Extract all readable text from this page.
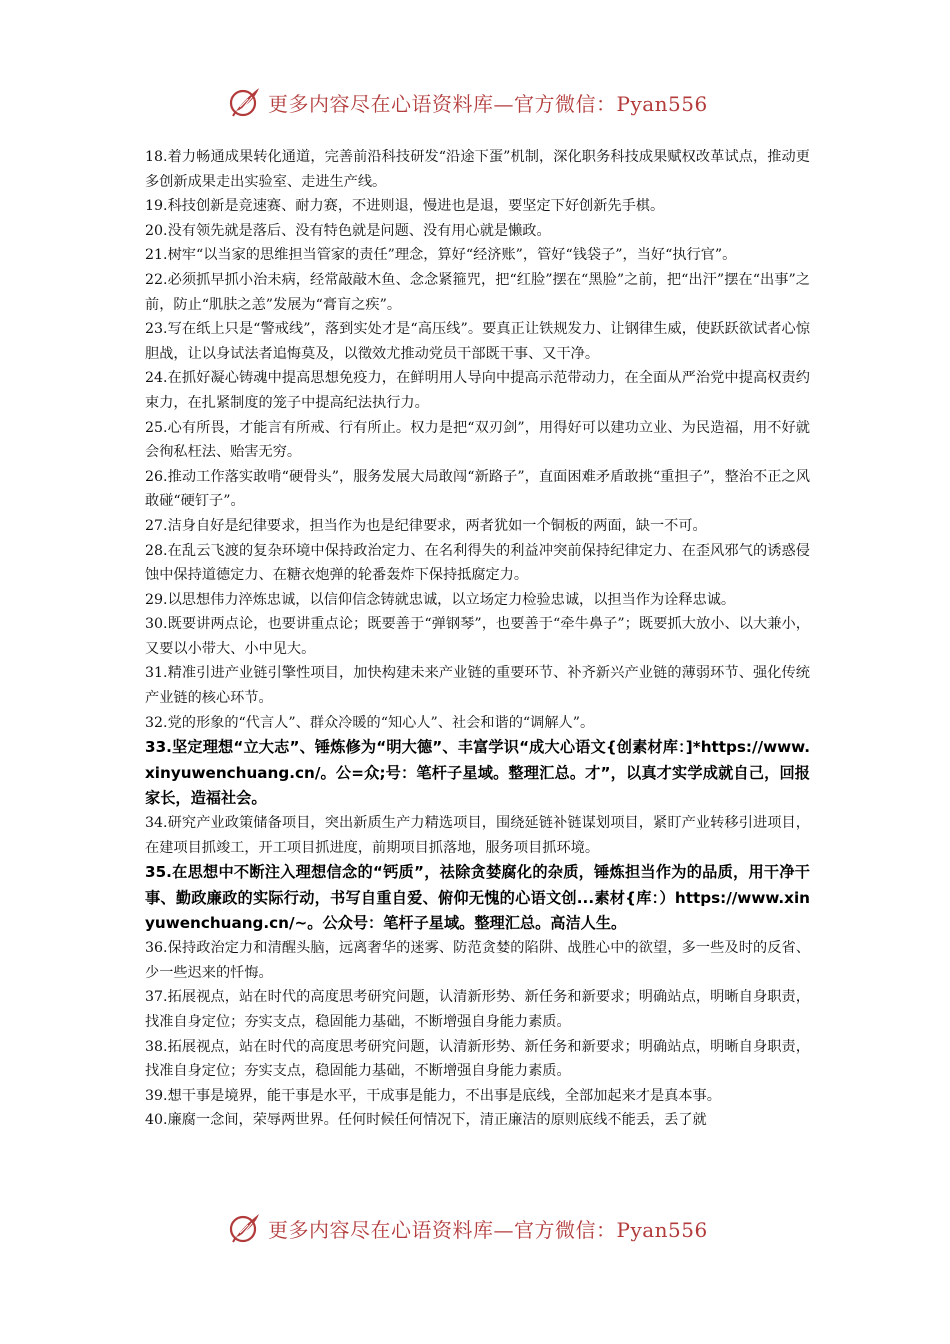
更多内容尽在心语资料库—官方微信：Pyan556

18.着力畅通成果转化通道，完善前沿科技研发“沿途下蛋”机制，深化职务科技成果赋权改革试点，推动更多创新成果走出实验室、走进生产线。

19.科技创新是竞速赛、耐力赛，不进则退，慢进也是退，要坚定下好创新先手棋。

20.没有领先就是落后、没有特色就是问题、没有用心就是懒政。

21.树牢“以当家的思维担当管家的责任”理念，算好“经济账”，管好“钱袋子”，当好“执行官”。

22.必须抓早抓小治未病，经常敲敲木鱼、念念紧箍咒，把“红脸”摆在“黑脸”之前，把“出汗”摆在“出事”之前，防止“肌肤之恙”发展为“膏肓之疾”。

23.写在纸上只是“警戒线”，落到实处才是“高压线”。要真正让铁规发力、让钢律生威，使跃跃欲试者心惊胆战，让以身试法者追悔莫及，以徵效尤推动党员干部既干事、又干净。

24.在抓好凝心铸魂中提高思想免疫力，在鲜明用人导向中提高示范带动力，在全面从严治党中提高权责约束力，在扎紧制度的笼子中提高纪法执行力。

25.心有所畏，才能言有所戒、行有所止。权力是把“双刃剑”，用得好可以建功立业、为民造福，用不好就会徇私枉法、贻害无穷。

26.推动工作落实敢啃“硬骨头”，服务发展大局敢闯“新路子”，直面困难矛盾敢挑“重担子”，整治不正之风敢碰“硬钉子”。

27.洁身自好是纪律要求，担当作为也是纪律要求，两者犹如一个铜板的两面，缺一不可。

28.在乱云飞渡的复杂环境中保持政治定力、在名利得失的利益冲突前保持纪律定力、在歪风邪气的诱惑侵蚀中保持道德定力、在糖衣炮弹的轮番轰炸下保持抵腐定力。

29.以思想伟力淬炼忠诚，以信仰信念铸就忠诚，以立场定力检验忠诚，以担当作为诠释忠诚。

30.既要讲两点论，也要讲重点论；既要善于“弹钢琴”，也要善于“牵牛鼻子”；既要抓大放小、以大兼小，又要以小带大、小中见大。

31.精准引进产业链引擎性项目，加快构建未来产业链的重要环节、补齐新兴产业链的薄弱环节、强化传统产业链的核心环节。

32.党的形象的“代言人”、群众冷暖的“知心人”、社会和谐的“调解人”。

33.坚定理想“立大志”、锤炼修为“明大德”、丰富学识“成大心语文{创素材库：]*https://www.xinyuwenchuang.cn/。公=众;号：笔杆子星域。整理汇总。才”，以真才实学成就自己，回报家长，造福社会。

34.研究产业政策储备项目，突出新质生产力精选项目，围绕延链补链谋划项目，紧盯产业转移引进项目，在建项目抓竣工，开工项目抓进度，前期项目抓落地，服务项目抓环境。

35.在思想中不断注入理想信念的“钙质”，祛除贪婪腐化的杂质，锤炼担当作为的品质，用干净干事、勤政廉政的实际行动，书写自重自爱、俯仰无愧的心语文创...素材{库：）https://www.xinyuwenchuang.cn/~。公众号：笔杆子星域。整理汇总。高洁人生。

36.保持政治定力和清醒头脑，远离奢华的迷雾、防范贪婪的陷阱、战胜心中的欲望，多一些及时的反省、少一些迟来的忏悔。

37.拓展视点，站在时代的高度思考研究问题，认清新形势、新任务和新要求；明确站点，明晰自身职责，找准自身定位；夯实支点，稳固能力基础，不断增强自身能力素质。

38.拓展视点，站在时代的高度思考研究问题，认清新形势、新任务和新要求；明确站点，明晰自身职责，找准自身定位；夯实支点，稳固能力基础，不断增强自身能力素质。

39.想干事是境界，能干事是水平，干成事是能力，不出事是底线，全部加起来才是真本事。

40.廉腐一念间，荣辱两世界。任何时候任何情况下，清正廉洁的原则底线不能丢，丢了就

更多内容尽在心语资料库—官方微信：Pyan556
